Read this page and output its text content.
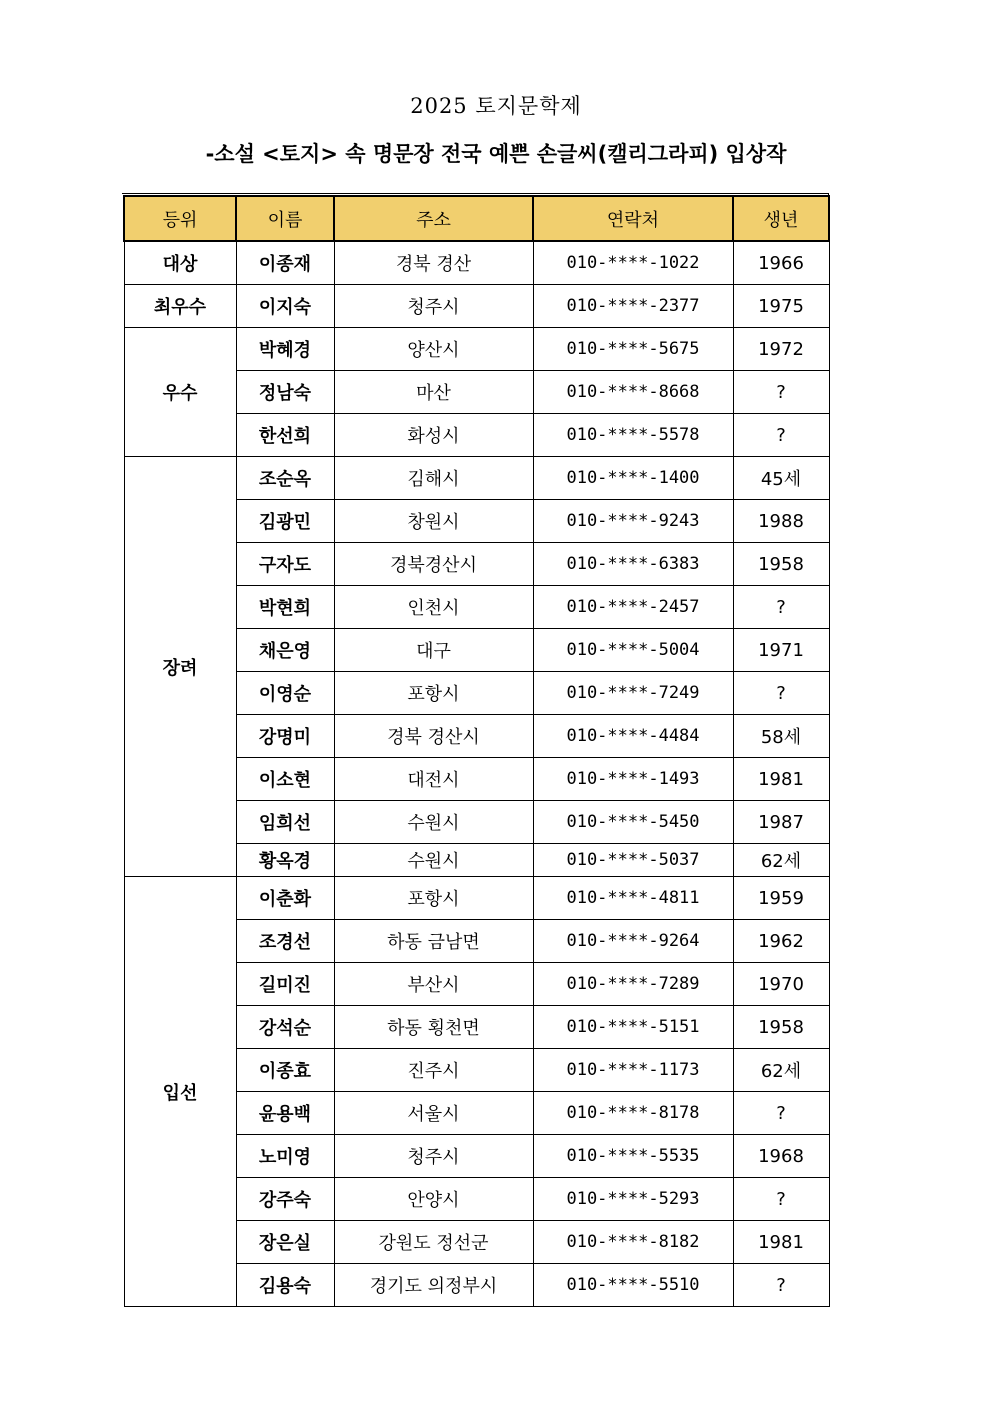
2025 토지문학제
-소설 <토지> 속 명문장 전국 예쁜 손글씨(캘리그라피) 입상작
등위	이름	주소	연락처	생년
대상	이종재	경북 경산	010-****-1022	1966
최우수	이지숙	청주시	010-****-2377	1975
우수	박혜경	양산시	010-****-5675	1972
	정남숙	마산	010-****-8668	?
	한선희	화성시	010-****-5578	?
장려	조순옥	김해시	010-****-1400	45세
	김광민	창원시	010-****-9243	1988
	구자도	경북경산시	010-****-6383	1958
	박현희	인천시	010-****-2457	?
	채은영	대구	010-****-5004	1971
	이영순	포항시	010-****-7249	?
	강명미	경북 경산시	010-****-4484	58세
	이소현	대전시	010-****-1493	1981
	임희선	수원시	010-****-5450	1987
	황옥경	수원시	010-****-5037	62세
입선	이춘화	포항시	010-****-4811	1959
	조경선	하동 금남면	010-****-9264	1962
	길미진	부산시	010-****-7289	1970
	강석순	하동 횡천면	010-****-5151	1958
	이종효	진주시	010-****-1173	62세
	윤용백	서울시	010-****-8178	?
	노미영	청주시	010-****-5535	1968
	강주숙	안양시	010-****-5293	?
	장은실	강원도 정선군	010-****-8182	1981
	김용숙	경기도 의정부시	010-****-5510	?
